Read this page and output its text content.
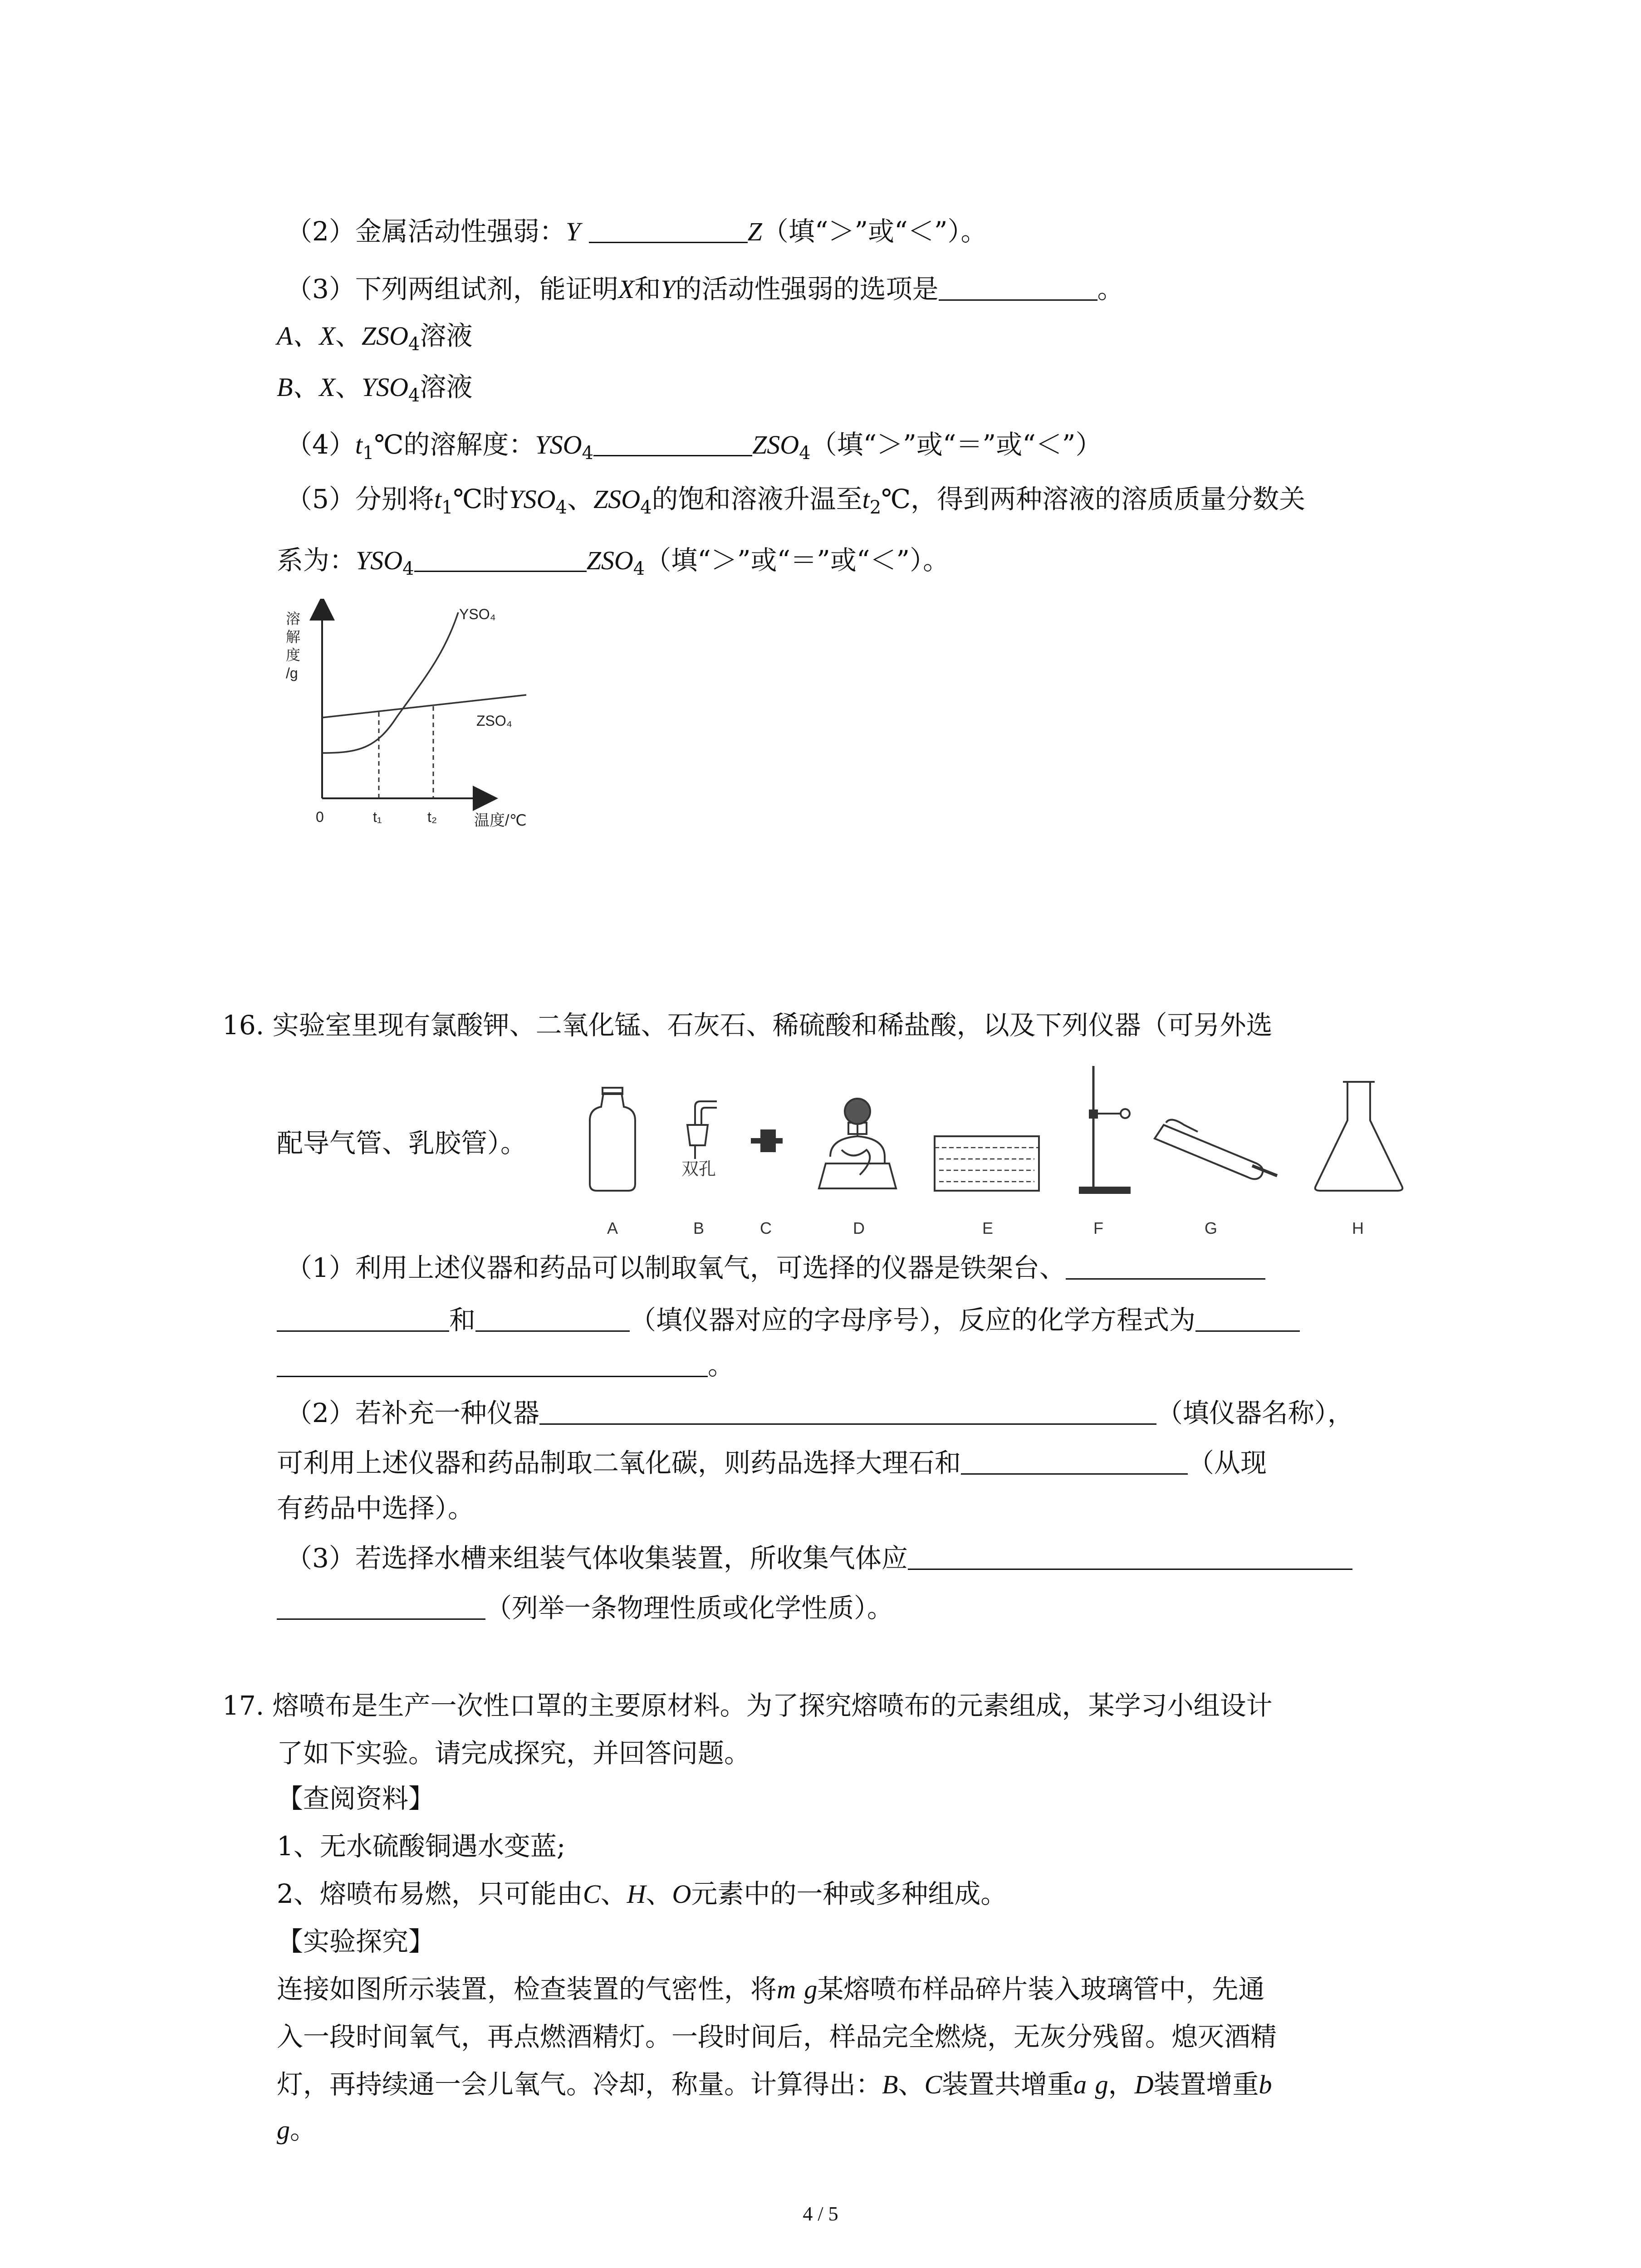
（2）金属活动性强弱：Y	Z（填“＞”或“＜”）。
（3）下列两组试剂，能证明X和Y的活动性强弱的选项是	。
A、X、$ZSO_4$溶液
B、X、$YSO_4$溶液
$(4)t_1℃$的溶解度：$YSO_4$	$ZSO_4$（填“＞”或“＝”或“＜”）
（5）分别将$t_1℃$时$YSO_4$、$ZSO_4$的饱和溶液升温至$t_2℃$，得到两种溶液的溶质质量分数关
系为：$YSO_4$	$ZSO_4$（填“＞”或“＝”或“＜”）。
溶
解
度
/g
YSO₄
ZSO₄
0	t₁	t₂ 温度/℃
16. 实验室里现有氯酸钾、二氧化锰、石灰石、稀硫酸和稀盐酸，以及下列仪器（可另外选
配导气管、乳胶管）。
双孔
A	B	C	D	E	F	G	H
（1）利用上述仪器和药品可以制取氧气，可选择的仪器是铁架台、
和	（填仪器对应的字母序号），反应的化学方程式为
。
（2）若补充一种仪器	（填仪器名称），
可利用上述仪器和药品制取二氧化碳，则药品选择大理石和	（从现
有药品中选择）。
（3）若选择水槽来组装气体收集装置，所收集气体应
（列举一条物理性质或化学性质）。
17. 熔喷布是生产一次性口罩的主要原材料。为了探究熔喷布的元素组成，某学习小组设计
了如下实验。请完成探究，并回答问题。
【查阅资料】
1、无水硫酸铜遇水变蓝;
2、熔喷布易燃，只可能由C、H、O元素中的一种或多种组成。
【实验探究】
连接如图所示装置，检查装置的气密性，将m g某熔喷布样品碎片装入玻璃管中，先通
入一段时间氧气，再点燃酒精灯。一段时间后，样品完全燃烧，无灰分残留。熄灭酒精
灯，再持续通一会儿氧气。冷却，称量。计算得出：B、C装置共增重a g，D装置增重b
g。
4 / 5
